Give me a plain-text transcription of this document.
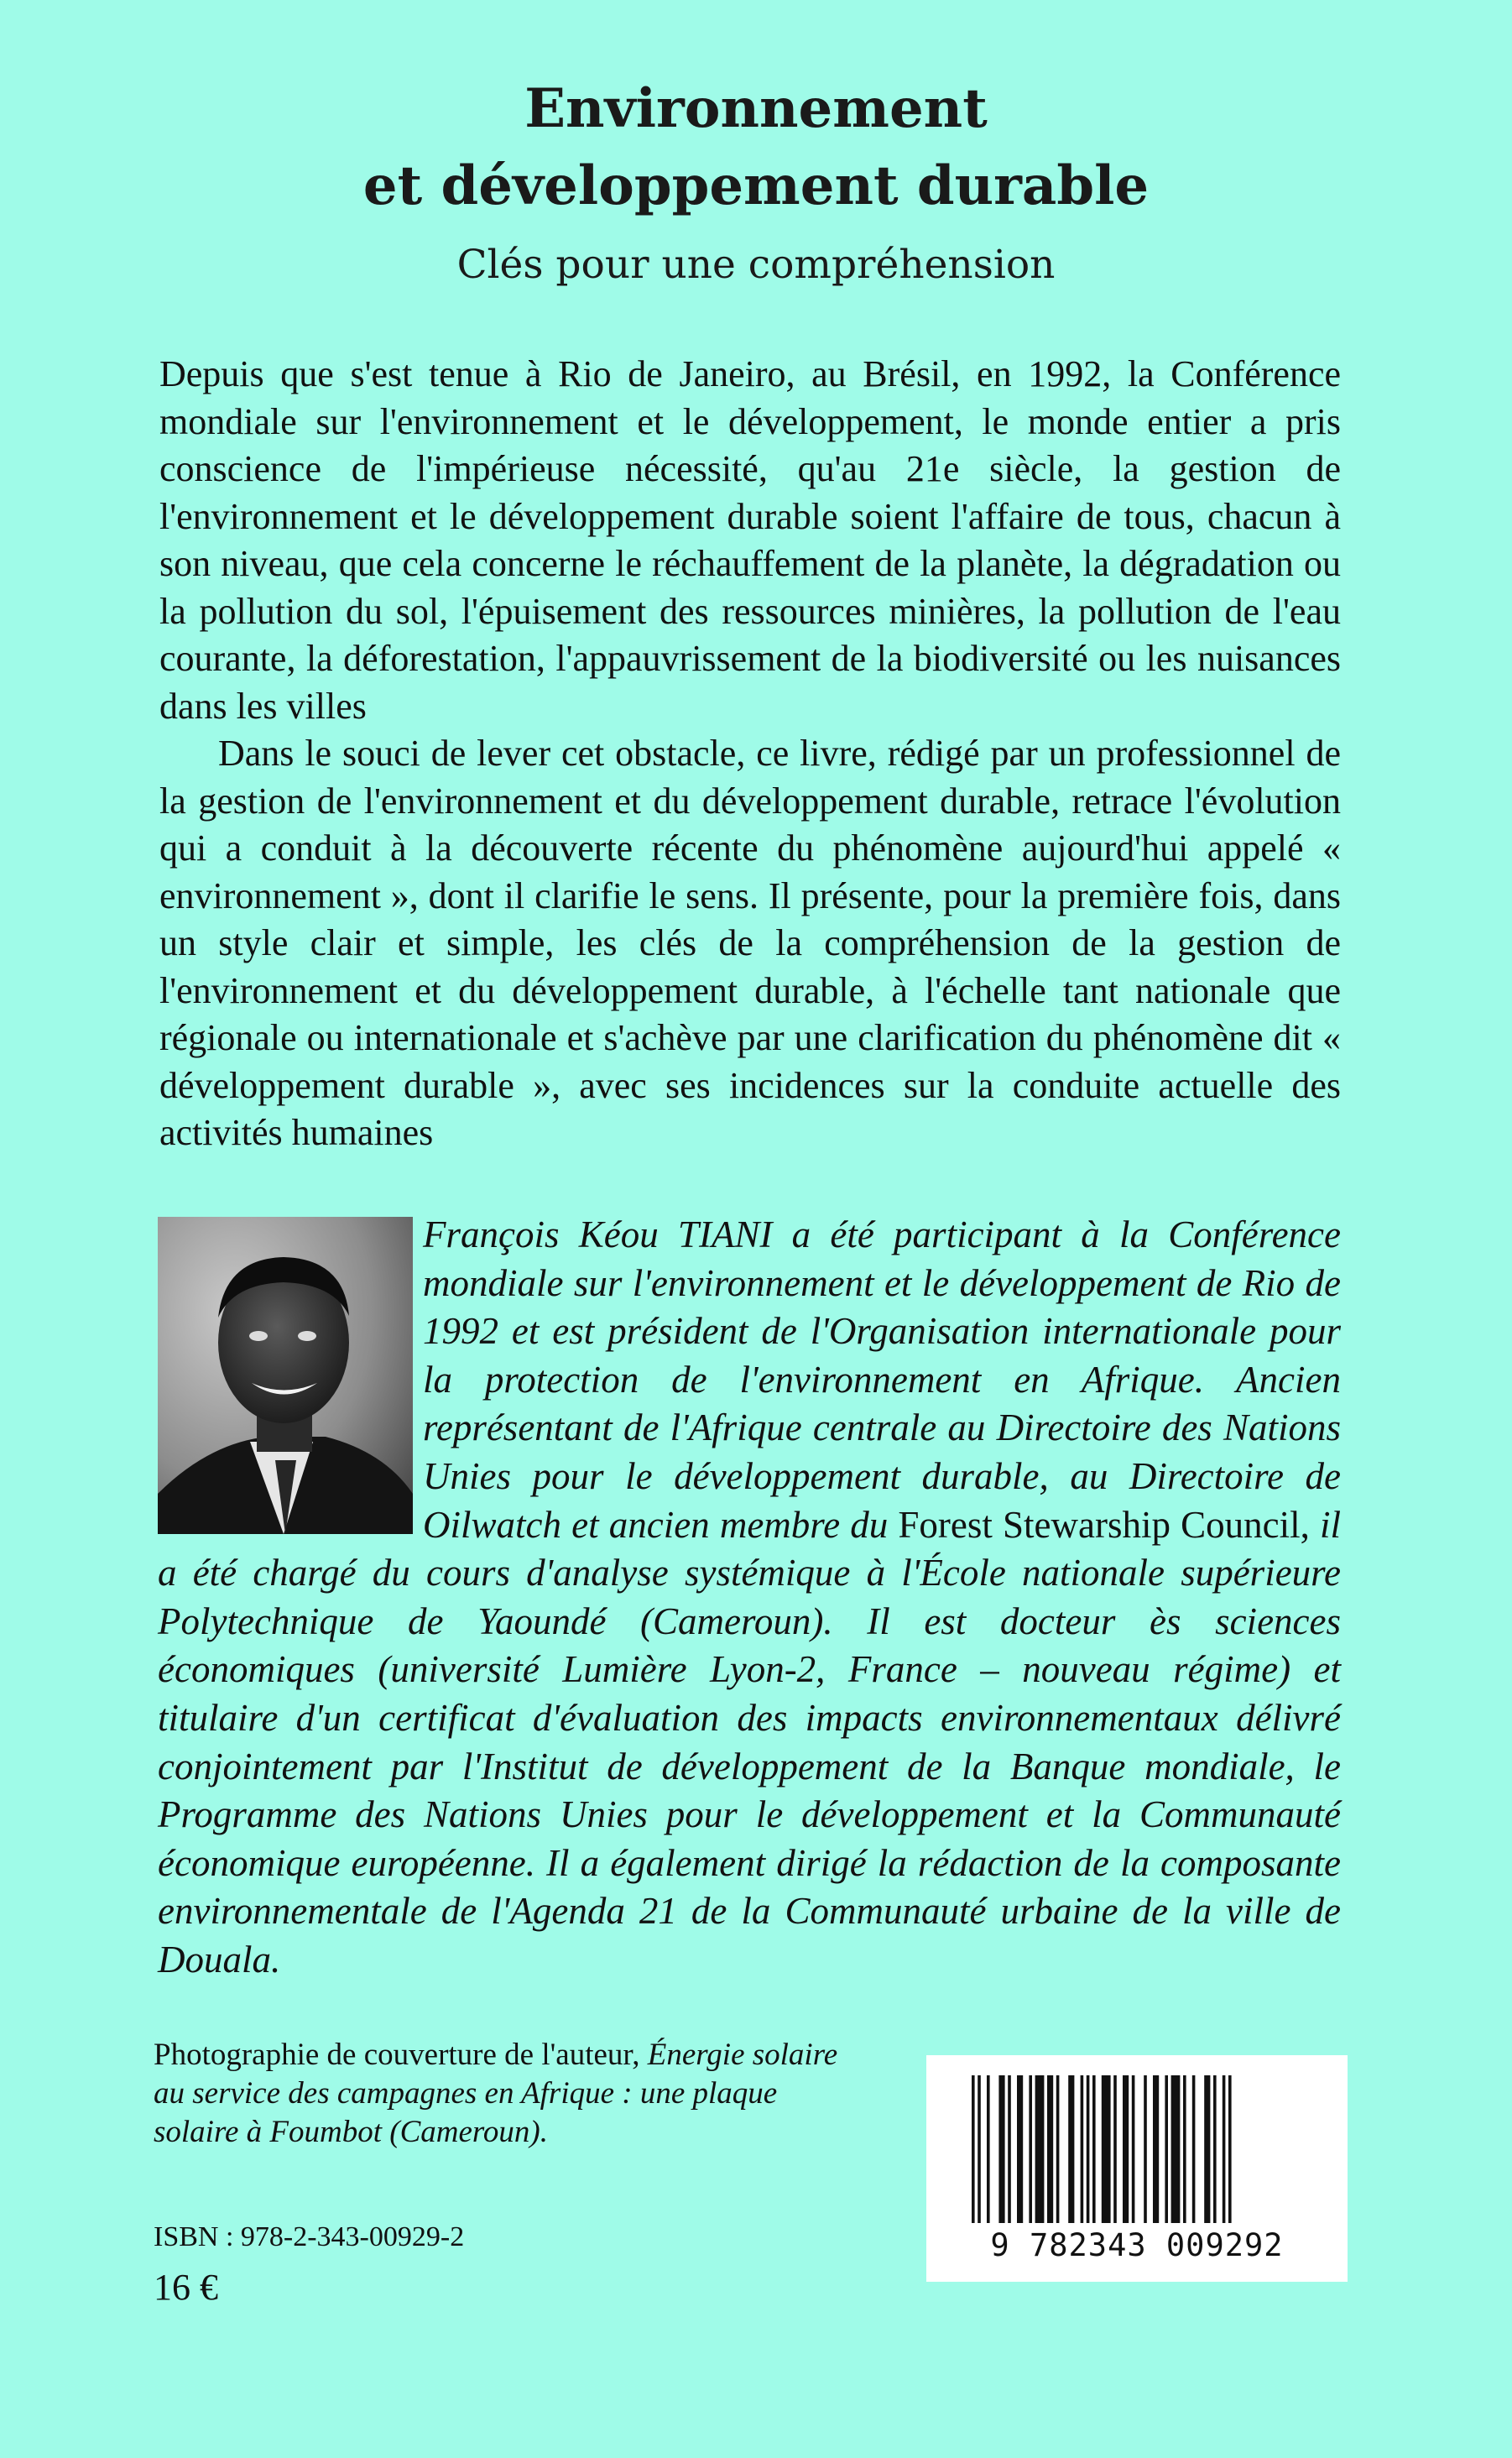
Environnement
et développement durable
Clés pour une compréhension

Depuis que s'est tenue à Rio de Janeiro, au Brésil, en 1992, la Conférence mondiale sur l'environnement et le développement, le monde entier a pris conscience de l'impérieuse nécessité, qu'au 21e siècle, la gestion de l'environnement et le développement durable soient l'affaire de tous, chacun à son niveau, que cela concerne le réchauffement de la planète, la dégradation ou la pollution du sol, l'épuisement des ressources minières, la pollution de l'eau courante, la déforestation, l'appauvrissement de la biodiversité ou les nuisances dans les villes

Dans le souci de lever cet obstacle, ce livre, rédigé par un professionnel de la gestion de l'environnement et du développement durable, retrace l'évolution qui a conduit à la découverte récente du phénomène aujourd'hui appelé « environnement », dont il clarifie le sens. Il présente, pour la première fois, dans un style clair et simple, les clés de la compréhension de la gestion de l'environnement et du développement durable, à l'échelle tant nationale que régionale ou internationale et s'achève par une clarification du phénomène dit « développement durable », avec ses incidences sur la conduite actuelle des activités humaines

François Kéou TIANI a été participant à la Conférence mondiale sur l'environnement et le développement de Rio de 1992 et est président de l'Organisation internationale pour la protection de l'environnement en Afrique. Ancien représentant de l'Afrique centrale au Directoire des Nations Unies pour le développement durable, au Directoire de Oilwatch et ancien membre du Forest Stewarship Council, il a été chargé du cours d'analyse systémique à l'École nationale supérieure Polytechnique de Yaoundé (Cameroun). Il est docteur ès sciences économiques (université Lumière Lyon-2, France – nouveau régime) et titulaire d'un certificat d'évaluation des impacts environnementaux délivré conjointement par l'Institut de développement de la Banque mondiale, le Programme des Nations Unies pour le développement et la Communauté économique européenne. Il a également dirigé la rédaction de la composante environnementale de l'Agenda 21 de la Communauté urbaine de la ville de Douala.
Photographie de couverture de l'auteur, Énergie solaire au service des campagnes en Afrique : une plaque solaire à Foumbot (Cameroun).
ISBN : 978-2-343-00929-2
16 €
9 782343 009292
